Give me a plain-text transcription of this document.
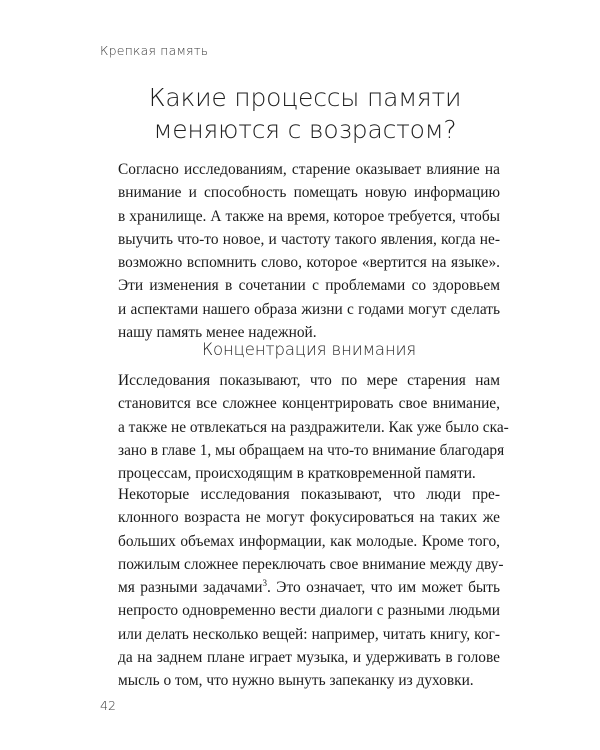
Крепкая память
Какие процессы памяти
меняются с возрастом?
Согласно исследованиям, старение оказывает влияние на
внимание и способность помещать новую информацию
в хранилище. А также на время, которое требуется, чтобы
выучить что-то новое, и частоту такого явления, когда не-
возможно вспомнить слово, которое «вертится на языке».
Эти изменения в сочетании с проблемами со здоровьем
и аспектами нашего образа жизни с годами могут сделать
нашу память менее надежной.
Концентрация внимания
Исследования показывают, что по мере старения нам
становится все сложнее концентрировать свое внимание,
а также не отвлекаться на раздражители. Как уже было ска-
зано в главе 1, мы обращаем на что-то внимание благодаря
процессам, происходящим в кратковременной памяти.
Некоторые исследования показывают, что люди пре-
клонного возраста не могут фокусироваться на таких же
больших объемах информации, как молодые. Кроме того,
пожилым сложнее переключать свое внимание между дву-
мя разными задачами$^3$. Это означает, что им может быть
непросто одновременно вести диалоги с разными людьми
или делать несколько вещей: например, читать книгу, ког-
да на заднем плане играет музыка, и удерживать в голове
мысль о том, что нужно вынуть запеканку из духовки.
42
